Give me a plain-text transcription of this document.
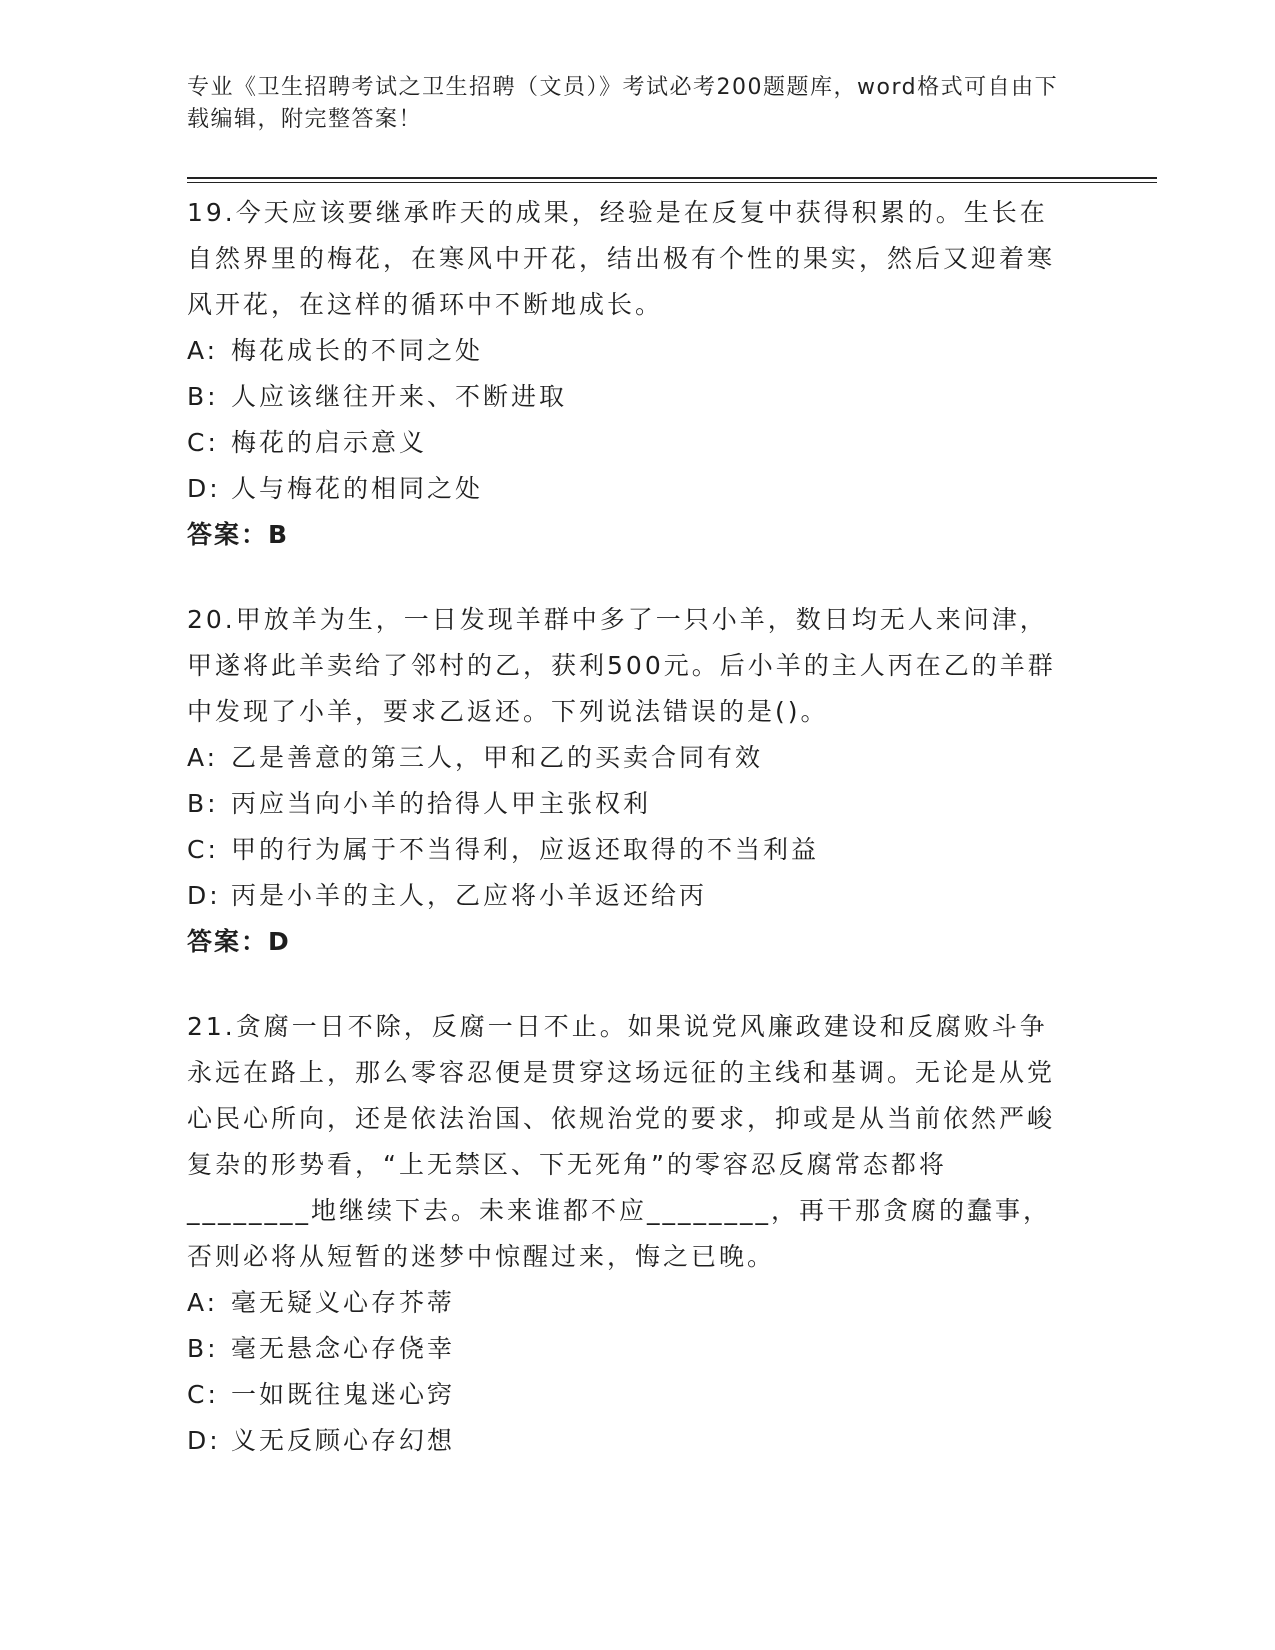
专业《卫生招聘考试之卫生招聘（文员）》考试必考200题题库，word格式可自由下载编辑，附完整答案！

19.今天应该要继承昨天的成果，经验是在反复中获得积累的。生长在自然界里的梅花，在寒风中开花，结出极有个性的果实，然后又迎着寒风开花，在这样的循环中不断地成长。

A: 梅花成长的不同之处

B: 人应该继往开来、不断进取

C: 梅花的启示意义

D: 人与梅花的相同之处

答案：B

20.甲放羊为生，一日发现羊群中多了一只小羊，数日均无人来问津，甲遂将此羊卖给了邻村的乙，获利500元。后小羊的主人丙在乙的羊群中发现了小羊，要求乙返还。下列说法错误的是()。

A: 乙是善意的第三人，甲和乙的买卖合同有效

B: 丙应当向小羊的拾得人甲主张权利

C: 甲的行为属于不当得利，应返还取得的不当利益

D: 丙是小羊的主人，乙应将小羊返还给丙

答案：D

21.贪腐一日不除，反腐一日不止。如果说党风廉政建设和反腐败斗争永远在路上，那么零容忍便是贯穿这场远征的主线和基调。无论是从党心民心所向，还是依法治国、依规治党的要求，抑或是从当前依然严峻复杂的形势看，“上无禁区、下无死角”的零容忍反腐常态都将________地继续下去。未来谁都不应________，再干那贪腐的蠢事，否则必将从短暂的迷梦中惊醒过来，悔之已晚。

A: 毫无疑义心存芥蒂

B: 毫无悬念心存侥幸

C: 一如既往鬼迷心窍

D: 义无反顾心存幻想
